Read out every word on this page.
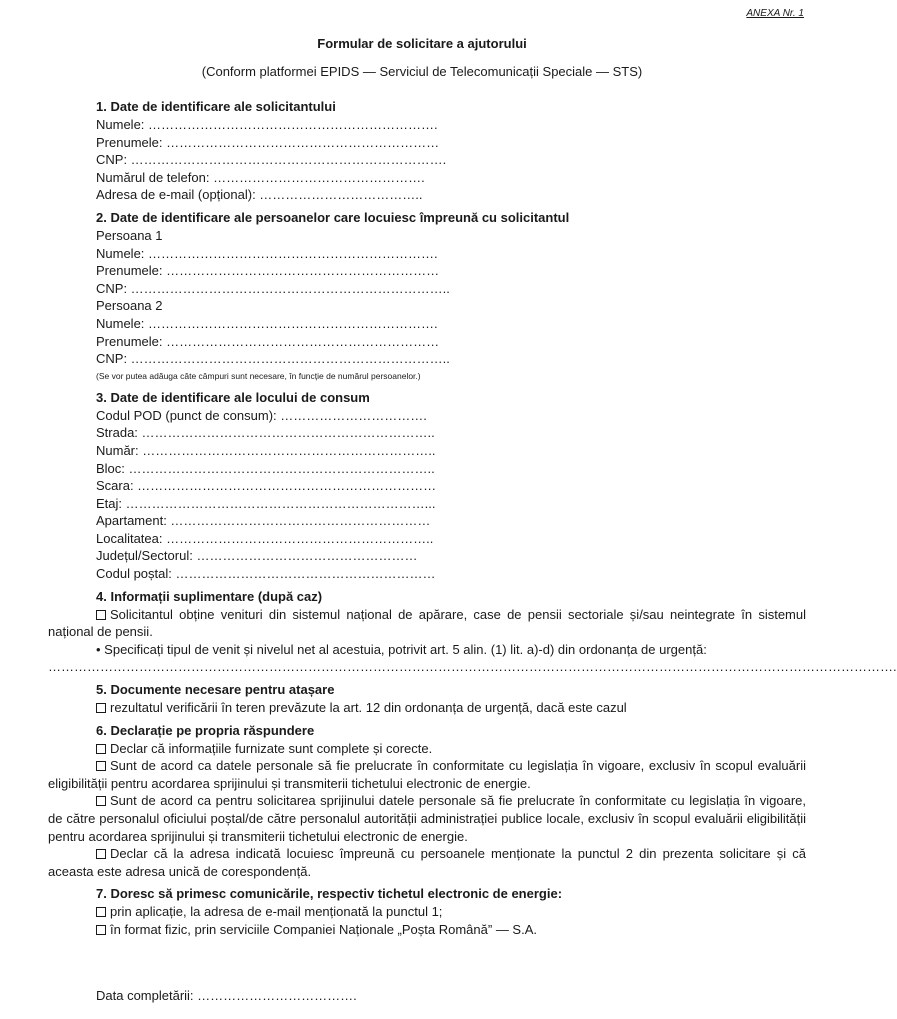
ANEXA Nr. 1
Formular de solicitare a ajutorului
(Conform platformei EPIDS — Serviciul de Telecomunicații Speciale — STS)
1. Date de identificare ale solicitantului
Numele: ………………………………………………………….
Prenumele: ………………………………………………………
CNP: ……………………………………………………………….
Numărul de telefon: ………………………………………….
Adresa de e-mail (opțional): ………………………………..
2. Date de identificare ale persoanelor care locuiesc împreună cu solicitantul
Persoana 1
Numele: ………………………………………………………….
Prenumele: ………………………………………………………
CNP: ………………………………………………………………..
Persoana 2
Numele: ………………………………………………………….
Prenumele: ………………………………………………………
CNP: ………………………………………………………………..
(Se vor putea adăuga câte câmpuri sunt necesare, în funcție de numărul persoanelor.)
3. Date de identificare ale locului de consum
Codul POD (punct de consum): …………………………….
Strada: …………………………………………………………..
Număr: …………………………………………………………..
Bloc: ……………………………………………………………..
Scara: ……………………………………………………………
Etaj: ……………………………………………………………...
Apartament: ……………………………………………………
Localitatea: ……………………………………………………..
Județul/Sectorul: ……………………………………………
Codul poștal: ……………………………………………………
4. Informații suplimentare (după caz)
Solicitantul obține venituri din sistemul național de apărare, case de pensii sectoriale și/sau neintegrate în sistemul național de pensii.
• Specificați tipul de venit și nivelul net al acestuia, potrivit art. 5 alin. (1) lit. a)-d) din ordonanța de urgență:
…………………………………………………………………………………………………………………………………………………………………………….
5. Documente necesare pentru atașare
rezultatul verificării în teren prevăzute la art. 12 din ordonanța de urgență, dacă este cazul
6. Declarație pe propria răspundere
Declar că informațiile furnizate sunt complete și corecte.
Sunt de acord ca datele personale să fie prelucrate în conformitate cu legislația în vigoare, exclusiv în scopul evaluării eligibilității pentru acordarea sprijinului și transmiterii tichetului electronic de energie.
Sunt de acord ca pentru solicitarea sprijinului datele personale să fie prelucrate în conformitate cu legislația în vigoare, de către personalul oficiului poștal/de către personalul autorității administrației publice locale, exclusiv în scopul evaluării eligibilității pentru acordarea sprijinului și transmiterii tichetului electronic de energie.
Declar că la adresa indicată locuiesc împreună cu persoanele menționate la punctul 2 din prezenta solicitare și că aceasta este adresa unică de corespondență.
7. Doresc să primesc comunicările, respectiv tichetul electronic de energie:
prin aplicație, la adresa de e-mail menționată la punctul 1;
în format fizic, prin serviciile Companiei Naționale „Poșta Română” — S.A.
Data completării: ……………………………….
